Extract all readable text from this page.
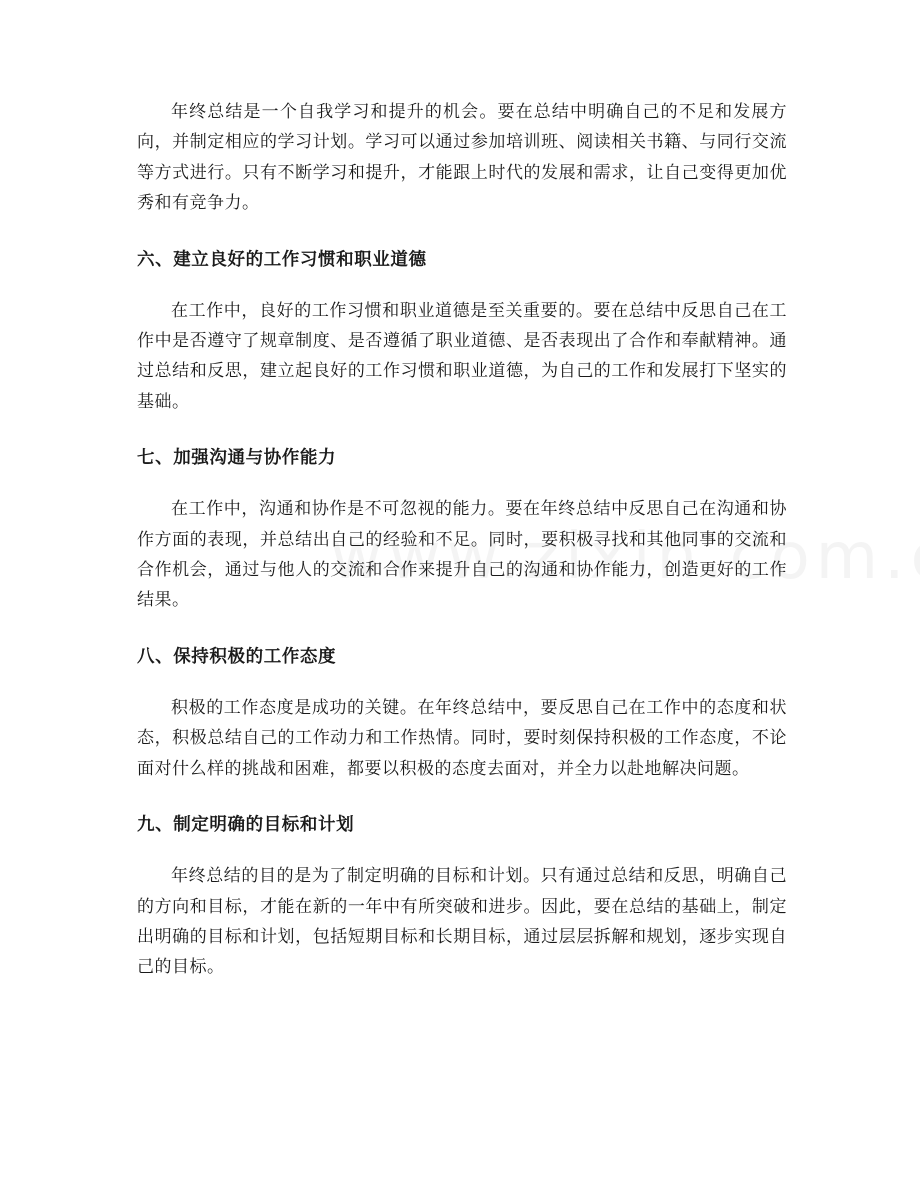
年终总结是一个自我学习和提升的机会。要在总结中明确自己的不足和发展方向，并制定相应的学习计划。学习可以通过参加培训班、阅读相关书籍、与同行交流等方式进行。只有不断学习和提升，才能跟上时代的发展和需求，让自己变得更加优秀和有竞争力。

六、建立良好的工作习惯和职业道德

在工作中，良好的工作习惯和职业道德是至关重要的。要在总结中反思自己在工作中是否遵守了规章制度、是否遵循了职业道德、是否表现出了合作和奉献精神。通过总结和反思，建立起良好的工作习惯和职业道德，为自己的工作和发展打下坚实的基础。

七、加强沟通与协作能力

在工作中，沟通和协作是不可忽视的能力。要在年终总结中反思自己在沟通和协作方面的表现，并总结出自己的经验和不足。同时，要积极寻找和其他同事的交流和合作机会，通过与他人的交流和合作来提升自己的沟通和协作能力，创造更好的工作结果。

八、保持积极的工作态度

积极的工作态度是成功的关键。在年终总结中，要反思自己在工作中的态度和状态，积极总结自己的工作动力和工作热情。同时，要时刻保持积极的工作态度，不论面对什么样的挑战和困难，都要以积极的态度去面对，并全力以赴地解决问题。

九、制定明确的目标和计划

年终总结的目的是为了制定明确的目标和计划。只有通过总结和反思，明确自己的方向和目标，才能在新的一年中有所突破和进步。因此，要在总结的基础上，制定出明确的目标和计划，包括短期目标和长期目标，通过层层拆解和规划，逐步实现自己的目标。
